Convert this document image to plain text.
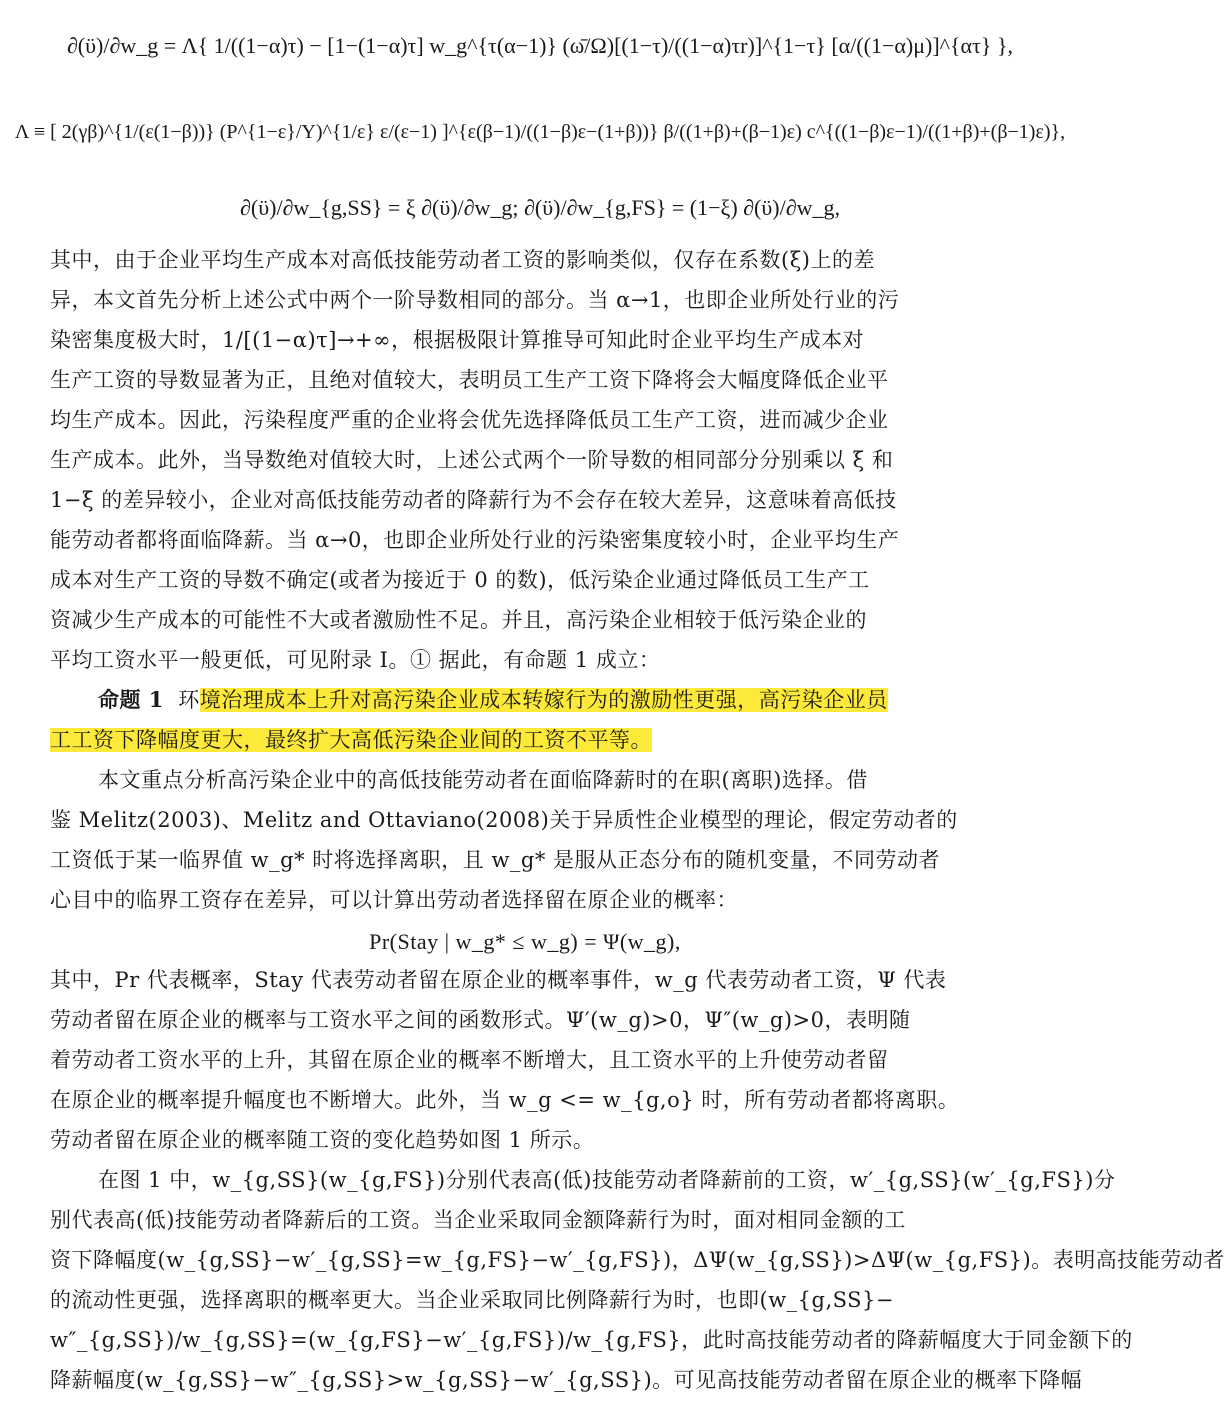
∂(ϋ)/∂w_g = Λ{ 1/((1−α)τ) − [1−(1−α)τ] w_g^{τ(α−1)} (ω̄/Ω)[(1−τ)/((1−α)τr)]^{1−τ} [α/((1−α)μ)]^{ατ} },
Λ ≡ [ 2(γβ)^{1/(ε(1−β))} (P^{1−ε}/Y)^{1/ε} ε/(ε−1) ]^{ε(β−1)/((1−β)ε−(1+β))} β/((1+β)+(β−1)ε) c^{((1−β)ε−1)/((1+β)+(β−1)ε)},
∂(ϋ)/∂w_{g,SS} = ξ ∂(ϋ)/∂w_g; ∂(ϋ)/∂w_{g,FS} = (1−ξ) ∂(ϋ)/∂w_g,
其中，由于企业平均生产成本对高低技能劳动者工资的影响类似，仅存在系数(ξ)上的差
异，本文首先分析上述公式中两个一阶导数相同的部分。当 α→1，也即企业所处行业的污
染密集度极大时，1/[(1−α)τ]→+∞，根据极限计算推导可知此时企业平均生产成本对
生产工资的导数显著为正，且绝对值较大，表明员工生产工资下降将会大幅度降低企业平
均生产成本。因此，污染程度严重的企业将会优先选择降低员工生产工资，进而减少企业
生产成本。此外，当导数绝对值较大时，上述公式两个一阶导数的相同部分分别乘以 ξ 和
1−ξ 的差异较小，企业对高低技能劳动者的降薪行为不会存在较大差异，这意味着高低技
能劳动者都将面临降薪。当 α→0，也即企业所处行业的污染密集度较小时，企业平均生产
成本对生产工资的导数不确定(或者为接近于 0 的数)，低污染企业通过降低员工生产工
资减少生产成本的可能性不大或者激励性不足。并且，高污染企业相较于低污染企业的
平均工资水平一般更低，可见附录 Ⅰ。① 据此，有命题 1 成立：
命题 1 环境治理成本上升对高污染企业成本转嫁行为的激励性更强，高污染企业员
工工资下降幅度更大，最终扩大高低污染企业间的工资不平等。
本文重点分析高污染企业中的高低技能劳动者在面临降薪时的在职(离职)选择。借
鉴 Melitz(2003)、Melitz and Ottaviano(2008)关于异质性企业模型的理论，假定劳动者的
工资低于某一临界值 w_g* 时将选择离职，且 w_g* 是服从正态分布的随机变量，不同劳动者
心目中的临界工资存在差异，可以计算出劳动者选择留在原企业的概率：
Pr(Stay | w_g* ≤ w_g) = Ψ(w_g),
其中，Pr 代表概率，Stay 代表劳动者留在原企业的概率事件，w_g 代表劳动者工资，Ψ 代表
劳动者留在原企业的概率与工资水平之间的函数形式。Ψ′(w_g)>0，Ψ″(w_g)>0，表明随
着劳动者工资水平的上升，其留在原企业的概率不断增大，且工资水平的上升使劳动者留
在原企业的概率提升幅度也不断增大。此外，当 w_g <= w_{g,o} 时，所有劳动者都将离职。
劳动者留在原企业的概率随工资的变化趋势如图 1 所示。
在图 1 中，w_{g,SS}(w_{g,FS})分别代表高(低)技能劳动者降薪前的工资，w′_{g,SS}(w′_{g,FS})分
别代表高(低)技能劳动者降薪后的工资。当企业采取同金额降薪行为时，面对相同金额的工
资下降幅度(w_{g,SS}−w′_{g,SS}=w_{g,FS}−w′_{g,FS})，ΔΨ(w_{g,SS})>ΔΨ(w_{g,FS})。表明高技能劳动者
的流动性更强，选择离职的概率更大。当企业采取同比例降薪行为时，也即(w_{g,SS}−
w″_{g,SS})/w_{g,SS}=(w_{g,FS}−w′_{g,FS})/w_{g,FS}，此时高技能劳动者的降薪幅度大于同金额下的
降薪幅度(w_{g,SS}−w″_{g,SS}>w_{g,SS}−w′_{g,SS})。可见高技能劳动者留在原企业的概率下降幅
